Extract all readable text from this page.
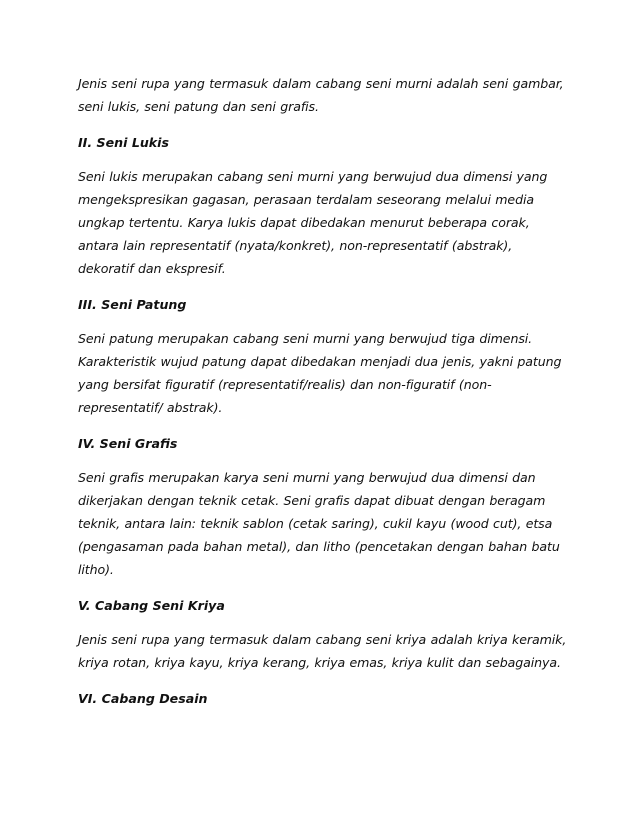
Jenis seni rupa yang termasuk dalam cabang seni murni adalah seni gambar, seni lukis, seni patung dan seni grafis.

II. Seni Lukis

Seni lukis merupakan cabang seni murni yang berwujud dua dimensi yang mengekspresikan gagasan, perasaan terdalam seseorang melalui media ungkap tertentu. Karya lukis dapat dibedakan menurut beberapa corak, antara lain representatif (nyata/konkret), non-representatif (abstrak), dekoratif dan ekspresif.

III. Seni Patung

Seni patung merupakan cabang seni murni yang berwujud tiga dimensi. Karakteristik wujud patung dapat dibedakan menjadi dua jenis, yakni patung yang bersifat figuratif (representatif/realis) dan non-figuratif (non-representatif/ abstrak).

IV. Seni Grafis

Seni grafis merupakan karya seni murni yang berwujud dua dimensi dan dikerjakan dengan teknik cetak. Seni grafis dapat dibuat dengan beragam teknik, antara lain: teknik sablon (cetak saring), cukil kayu (wood cut), etsa (pengasaman pada bahan metal), dan litho (pencetakan dengan bahan batu litho).

V. Cabang Seni Kriya

Jenis seni rupa yang termasuk dalam cabang seni kriya adalah kriya keramik, kriya rotan, kriya kayu, kriya kerang, kriya emas, kriya kulit dan sebagainya.

VI. Cabang Desain
